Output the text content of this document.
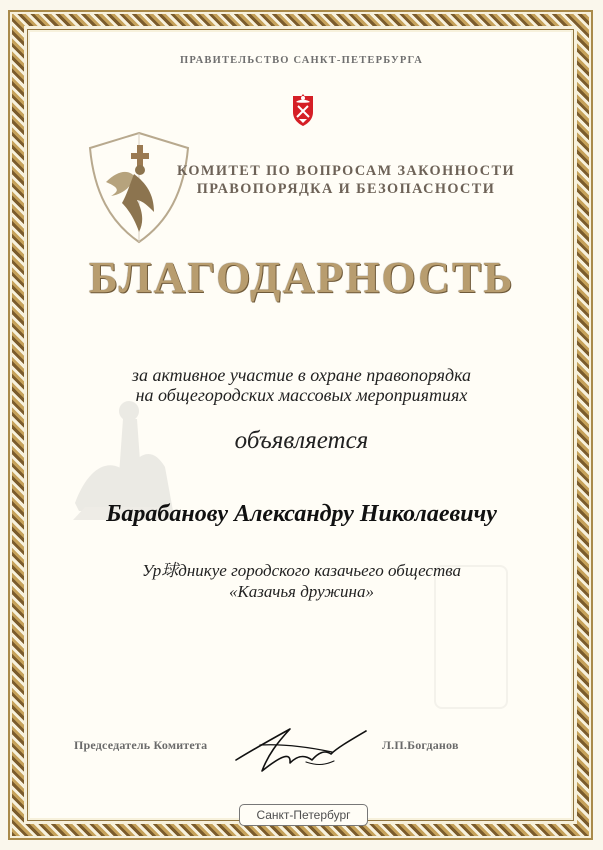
ПРАВИТЕЛЬСТВО САНКТ-ПЕТЕРБУРГА
КОМИТЕТ ПО ВОПРОСАМ ЗАКОННОСТИ
ПРАВОПОРЯДКА И БЕЗОПАСНОСТИ
БЛАГОДАРНОСТЬ
за активное участие в охране правопорядка
на общегородских массовых мероприятиях
объявляется
Барабанову Александру Николаевичу
Ур球дникуe городского казачьего общества
«Казачья дружина»
Председатель Комитета	Л.П.Богданов
Санкт-Петербург
